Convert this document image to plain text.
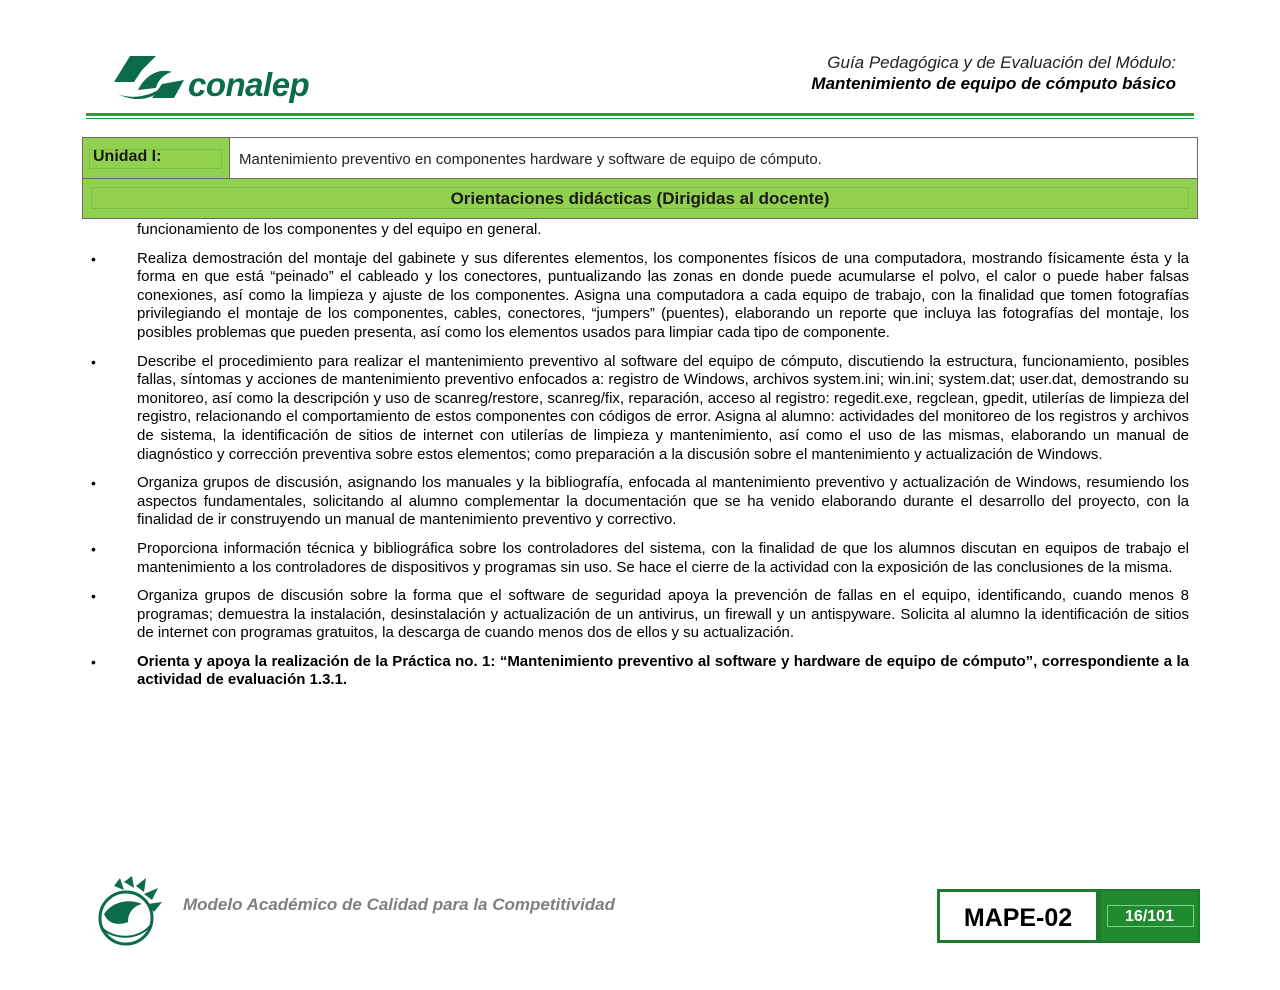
conalep
Guía Pedagógica y de Evaluación del Módulo:
Mantenimiento de equipo de cómputo básico
Unidad I:	Mantenimiento preventivo en componentes hardware y software de equipo de cómputo.
Orientaciones didácticas (Dirigidas al docente)
funcionamiento de los componentes y del equipo en general.
•	Realiza demostración del montaje del gabinete y sus diferentes elementos, los componentes físicos de una computadora, mostrando físicamente ésta y la forma en que está “peinado” el cableado y los conectores, puntualizando las zonas en donde puede acumularse el polvo, el calor o puede haber falsas conexiones, así como la limpieza y ajuste de los componentes. Asigna una computadora a cada equipo de trabajo, con la finalidad que tomen fotografías privilegiando el montaje de los componentes, cables, conectores, “jumpers” (puentes), elaborando un reporte que incluya las fotografías del montaje, los posibles problemas que pueden presenta, así como los elementos usados para limpiar cada tipo de componente.
•	Describe el procedimiento para realizar el mantenimiento preventivo al software del equipo de cómputo, discutiendo la estructura, funcionamiento, posibles fallas, síntomas y acciones de mantenimiento preventivo enfocados a: registro de Windows, archivos system.ini; win.ini; system.dat; user.dat, demostrando su monitoreo, así como la descripción y uso de scanreg/restore, scanreg/fix, reparación, acceso al registro: regedit.exe, regclean, gpedit, utilerías de limpieza del registro, relacionando el comportamiento de estos componentes con códigos de error. Asigna al alumno: actividades del monitoreo de los registros y archivos de sistema, la identificación de sitios de internet con utilerías de limpieza y mantenimiento, así como el uso de las mismas, elaborando un manual de diagnóstico y corrección preventiva sobre estos elementos; como preparación a la discusión sobre el mantenimiento y actualización de Windows.
•	Organiza grupos de discusión, asignando los manuales y la bibliografía, enfocada al mantenimiento preventivo y actualización de Windows, resumiendo los aspectos fundamentales, solicitando al alumno complementar la documentación que se ha venido elaborando durante el desarrollo del proyecto, con la finalidad de ir construyendo un manual de mantenimiento preventivo y correctivo.
•	Proporciona información técnica y bibliográfica sobre los controladores del sistema, con la finalidad de que los alumnos discutan en equipos de trabajo el mantenimiento a los controladores de dispositivos y programas sin uso. Se hace el cierre de la actividad con la exposición de las conclusiones de la misma.
•	Organiza grupos de discusión sobre la forma que el software de seguridad apoya la prevención de fallas en el equipo, identificando, cuando menos 8 programas; demuestra la instalación, desinstalación y actualización de un antivirus, un firewall y un antispyware. Solicita al alumno la identificación de sitios de internet con programas gratuitos, la descarga de cuando menos dos de ellos y su actualización.
•	Orienta y apoya la realización de la Práctica no. 1: “Mantenimiento preventivo al software y hardware de equipo de cómputo”, correspondiente a la actividad de evaluación 1.3.1.
Modelo Académico de Calidad para la Competitividad	MAPE-02	16/101
